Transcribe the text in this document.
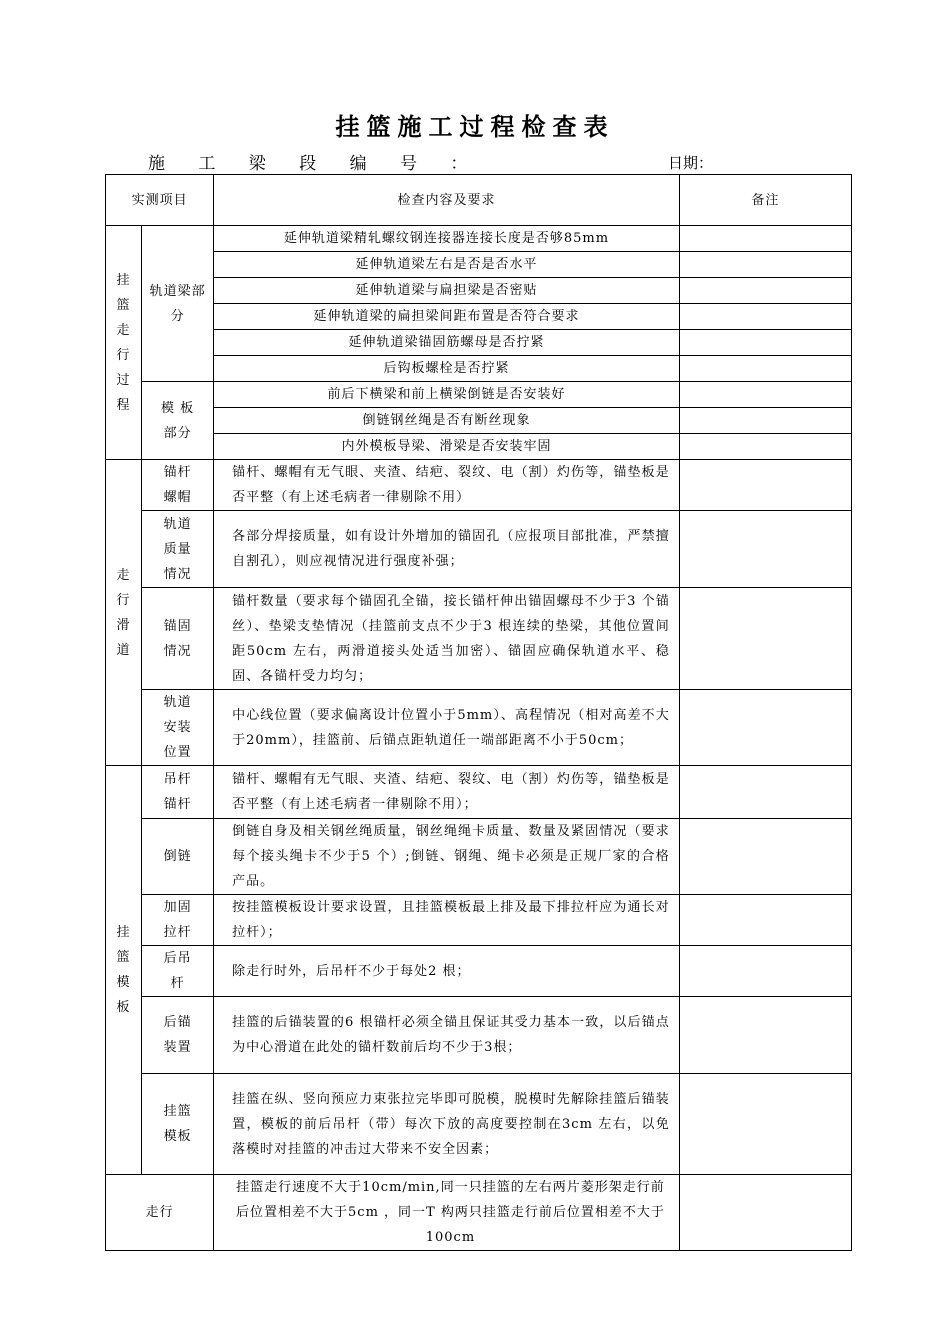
挂篮施工过程检查表
施 工 梁 段 编 号 ：	日期：
实测项目		检查内容及要求	备注

挂篮走行过程	轨道梁部分	延伸轨道梁精轧螺纹钢连接器连接长度是否够85mm	
		延伸轨道梁左右是否是否水平	
		延伸轨道梁与扁担梁是否密贴	
		延伸轨道梁的扁担梁间距布置是否符合要求	
		延伸轨道梁锚固筋螺母是否拧紧	
		后钩板螺栓是否拧紧	

	模 板 部分	前后下横梁和前上横梁倒链是否安装好	
		倒链钢丝绳是否有断丝现象	
		内外模板导梁、滑梁是否安装牢固	

走行滑道	锚杆螺帽	锚杆、螺帽有无气眼、夹渣、结疤、裂纹、电（割）灼伤等，锚垫板是否平整（有上述毛病者一律剔除不用）	

	轨道质量情况	各部分焊接质量，如有设计外增加的锚固孔（应报项目部批准，严禁擅自割孔），则应视情况进行强度补强；	

	锚固情况	锚杆数量（要求每个锚固孔全锚，接长锚杆伸出锚固螺母不少于3 个锚丝）、垫梁支垫情况（挂篮前支点不少于3 根连续的垫梁，其他位置间距50cm 左右，两滑道接头处适当加密）、锚固应确保轨道水平、稳固、各锚杆受力均匀；	

	轨道安装位置	中心线位置（要求偏离设计位置小于5mm）、高程情况（相对高差不大于20mm），挂篮前、后锚点距轨道任一端部距离不小于50cm；	

挂篮模板	吊杆锚杆	锚杆、螺帽有无气眼、夹渣、结疤、裂纹、电（割）灼伤等，锚垫板是否平整（有上述毛病者一律剔除不用）；	

	倒链	倒链自身及相关钢丝绳质量，钢丝绳绳卡质量、数量及紧固情况（要求每个接头绳卡不少于5 个）;倒链、钢绳、绳卡必须是正规厂家的合格产品。	

	加固拉杆	按挂篮模板设计要求设置，且挂篮模板最上排及最下排拉杆应为通长对拉杆）；	

	后吊杆	除走行时外，后吊杆不少于每处2 根；	

	后锚装置	挂篮的后锚装置的6 根锚杆必须全锚且保证其受力基本一致，以后锚点为中心滑道在此处的锚杆数前后均不少于3根；	

	挂篮模板	挂篮在纵、竖向预应力束张拉完毕即可脱模，脱模时先解除挂篮后锚装置，模板的前后吊杆（带）每次下放的高度要控制在3cm 左右，以免落模时对挂篮的冲击过大带来不安全因素；	
走行		挂篮走行速度不大于10cm/min,同一只挂篮的左右两片菱形架走行前后位置相差不大于5cm ，同一T 构两只挂篮走行前后位置相差不大于100cm	
